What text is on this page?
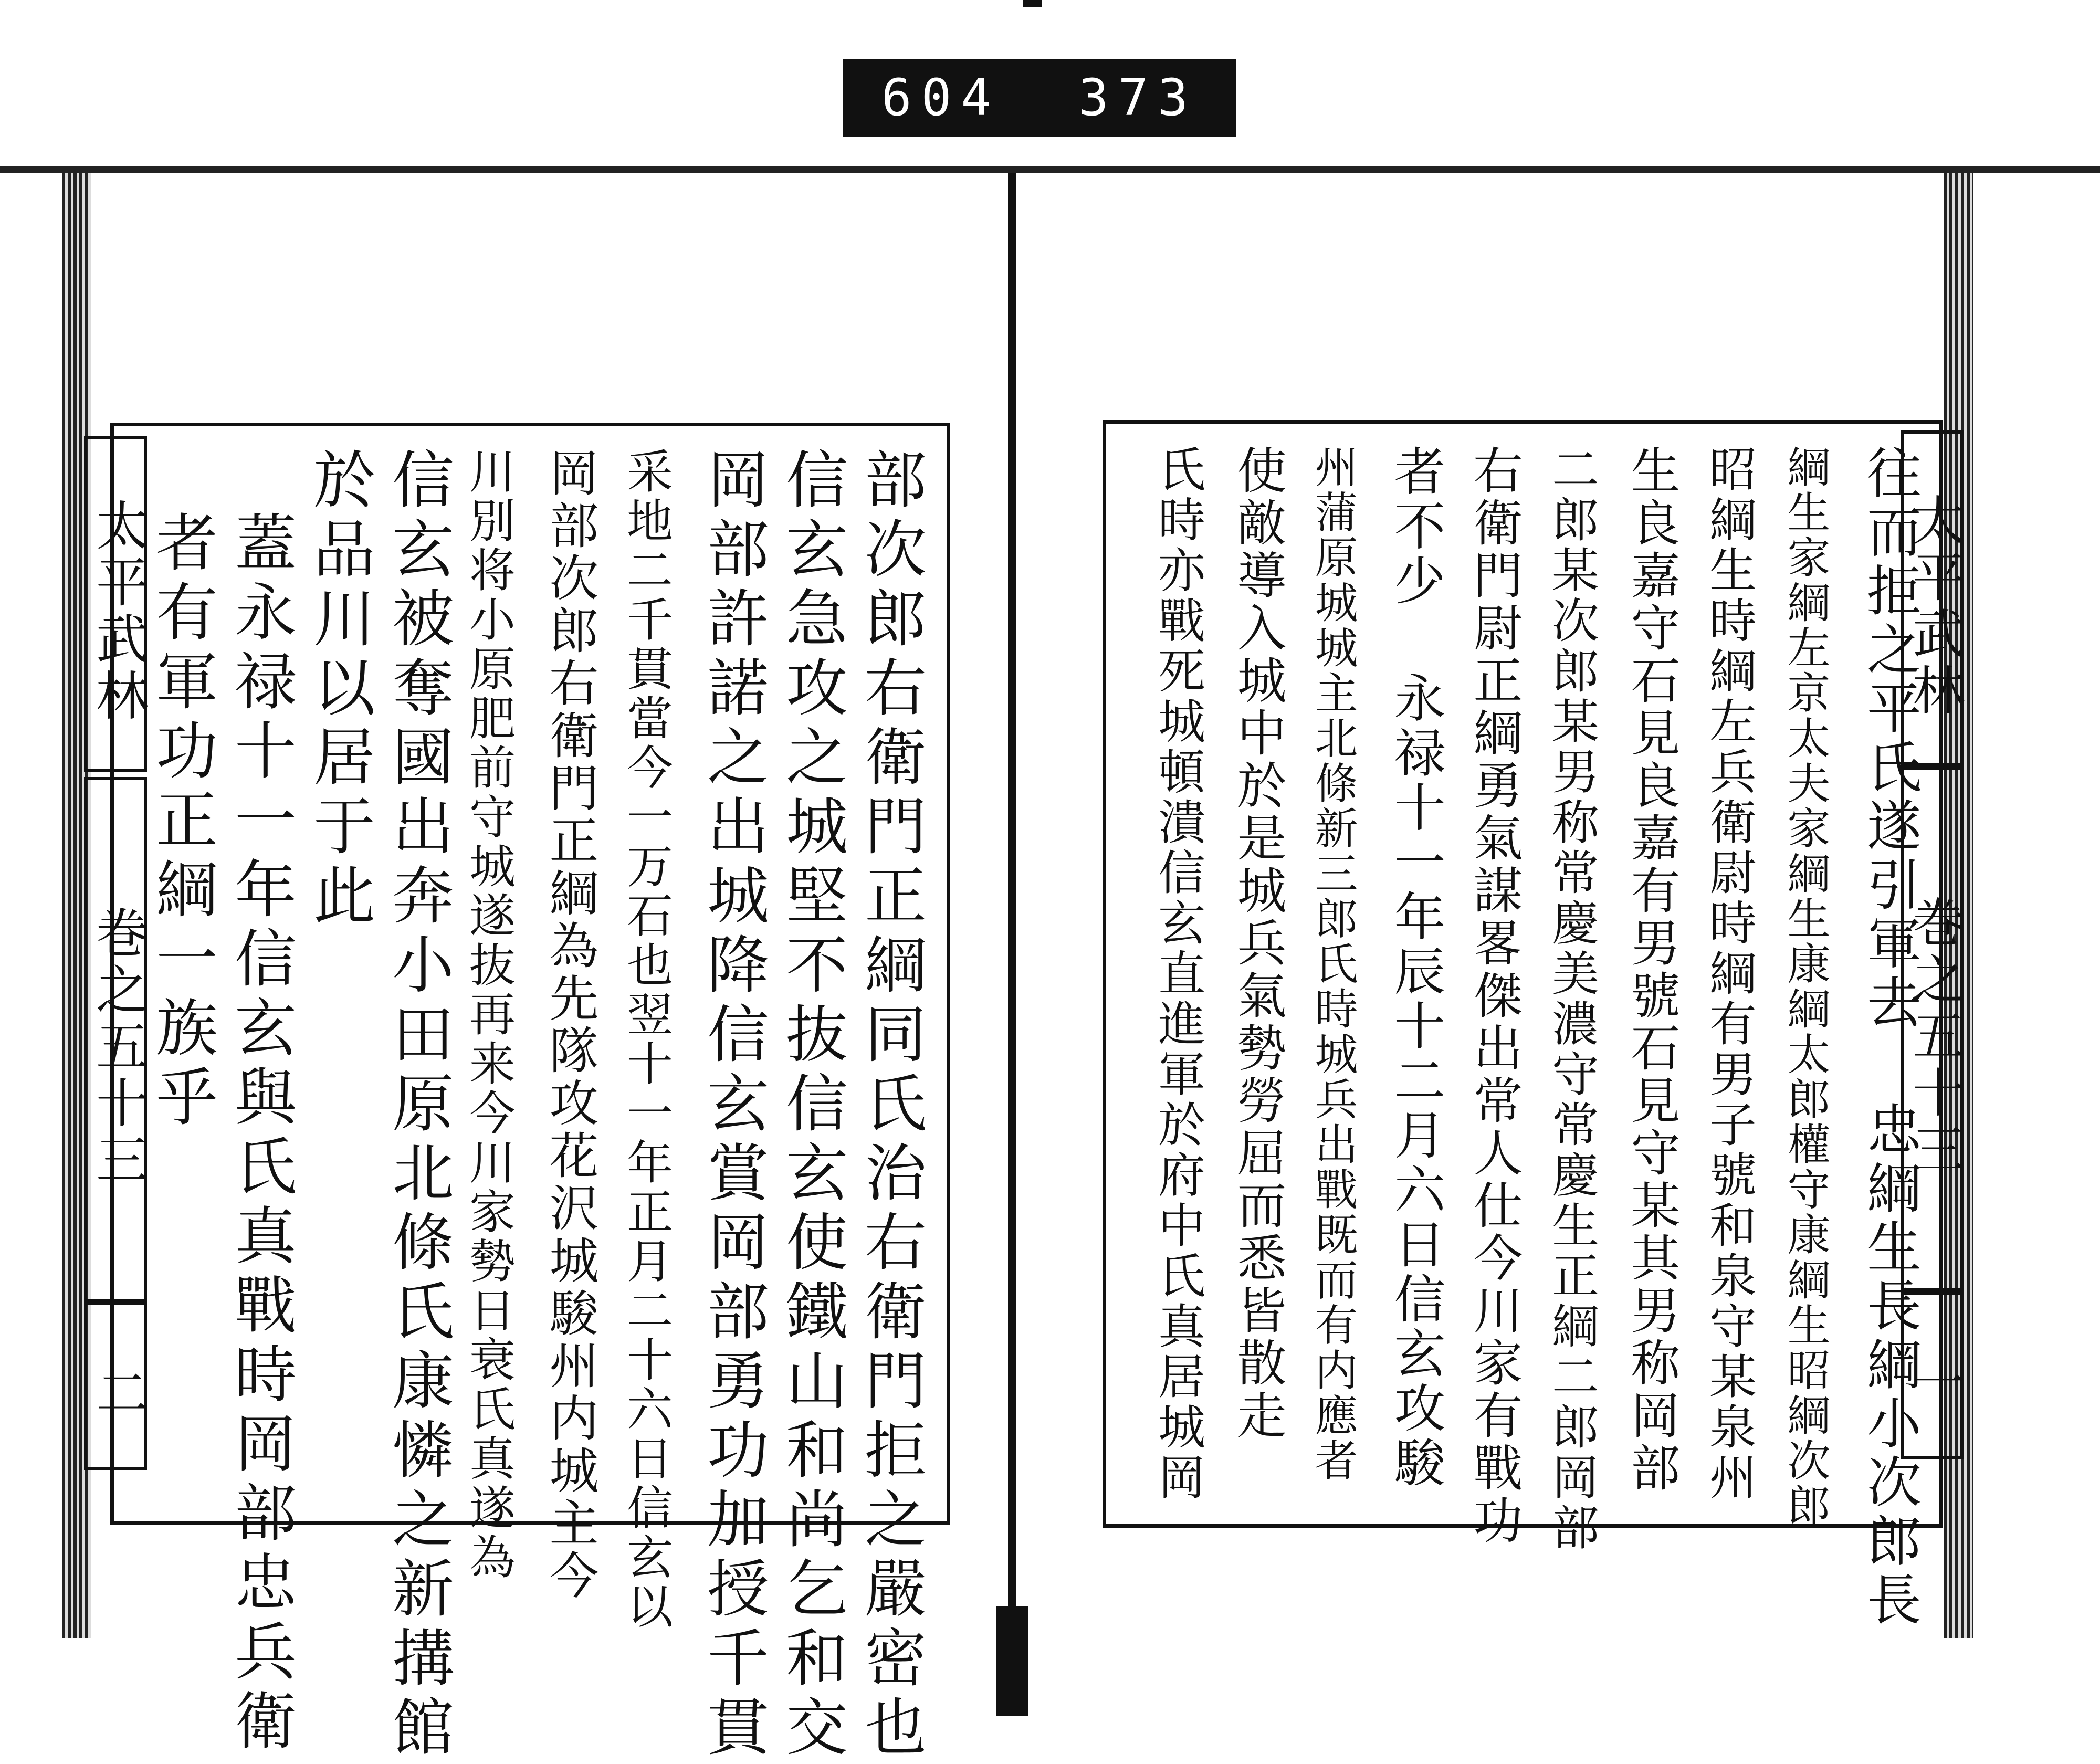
604 373
太平武林
巻之五十三
二	部次郎右衛門正綱同氏治右衛門拒之嚴密也
信玄急攻之城堅不抜信玄使鐵山和尚乞和交
岡部許諾之出城降信玄賞岡部勇功加授千貫
采地二千貫當今一万石也翌十一年正月二十六日信玄以
岡部次郎右衛門正綱為先隊攻花沢城駿州内城主今
川別将小原肥前守城遂抜再来今川家勢日衰氏真遂為
信玄被奪國出奔小田原北條氏康憐之新搆館
於品川以居于此
蓋永禄十一年信玄與氏真戰時岡部忠兵衛
者有軍功正綱一族乎	太平武林
巻之五十三
一
往而拒之平氏遂引軍去 忠綱生長綱小次郎長
綱生家綱左京太夫家綱生康綱太郎權守康綱生昭綱次郎
昭綱生時綱左兵衛尉時綱有男子號和泉守某泉州
生良嘉守石見良嘉有男號石見守某其男称岡部
二郎某次郎某男称常慶美濃守常慶生正綱二郎岡部
右衛門尉正綱勇氣謀畧傑出常人仕今川家有戰功
者不少 永禄十一年辰十二月六日信玄攻駿
州蒲原城城主北條新三郎氏時城兵出戰既而有内應者
使敵導入城中於是城兵氣勢勞屈而悉皆散走
氏時亦戰死城頓潰信玄直進軍於府中氏真居城岡
